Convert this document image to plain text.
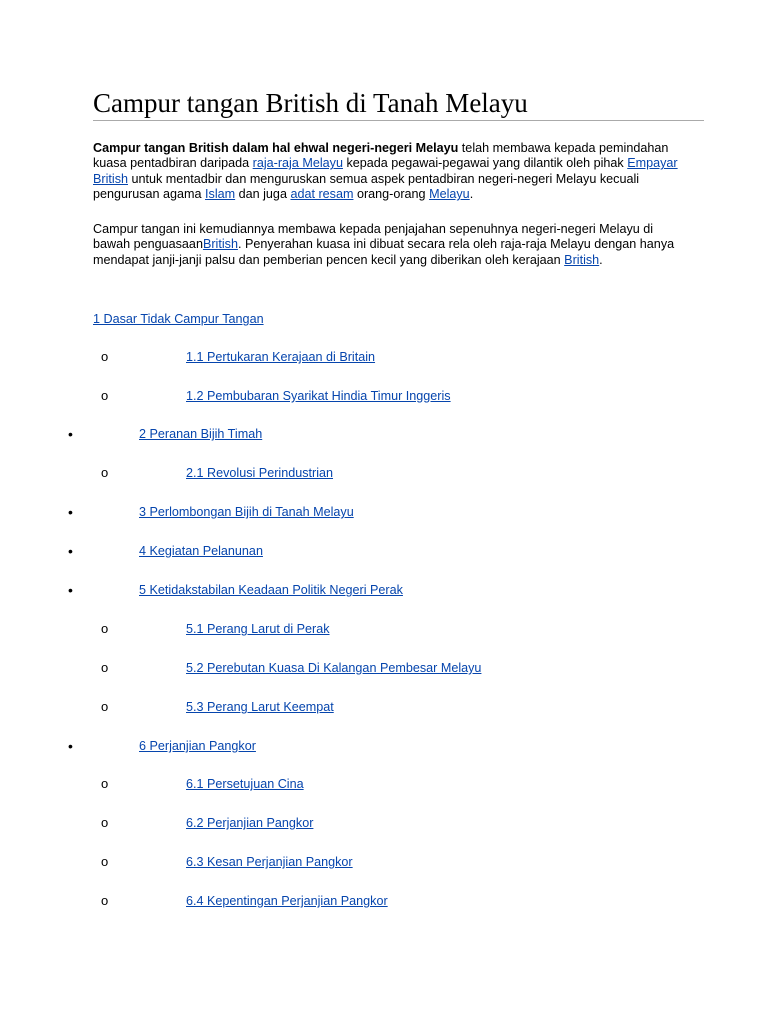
Campur tangan British di Tanah Melayu

Campur tangan British dalam hal ehwal negeri-negeri Melayu telah membawa kepada pemindahan kuasa pentadbiran daripada raja-raja Melayu kepada pegawai-pegawai yang dilantik oleh pihak Empayar British untuk mentadbir dan menguruskan semua aspek pentadbiran negeri-negeri Melayu kecuali pengurusan agama Islam dan juga adat resam orang-orang Melayu.

Campur tangan ini kemudiannya membawa kepada penjajahan sepenuhnya negeri-negeri Melayu di bawah penguasaanBritish. Penyerahan kuasa ini dibuat secara rela oleh raja-raja Melayu dengan hanya mendapat janji-janji palsu dan pemberian pencen kecil yang diberikan oleh kerajaan British.

1 Dasar Tidak Campur Tangan
o	1.1 Pertukaran Kerajaan di Britain
o	1.2 Pembubaran Syarikat Hindia Timur Inggeris
•	2 Peranan Bijih Timah
o	2.1 Revolusi Perindustrian
•	3 Perlombongan Bijih di Tanah Melayu
•	4 Kegiatan Pelanunan
•	5 Ketidakstabilan Keadaan Politik Negeri Perak
o	5.1 Perang Larut di Perak
o	5.2 Perebutan Kuasa Di Kalangan Pembesar Melayu
o	5.3 Perang Larut Keempat
•	6 Perjanjian Pangkor
o	6.1 Persetujuan Cina
o	6.2 Perjanjian Pangkor
o	6.3 Kesan Perjanjian Pangkor
o	6.4 Kepentingan Perjanjian Pangkor
